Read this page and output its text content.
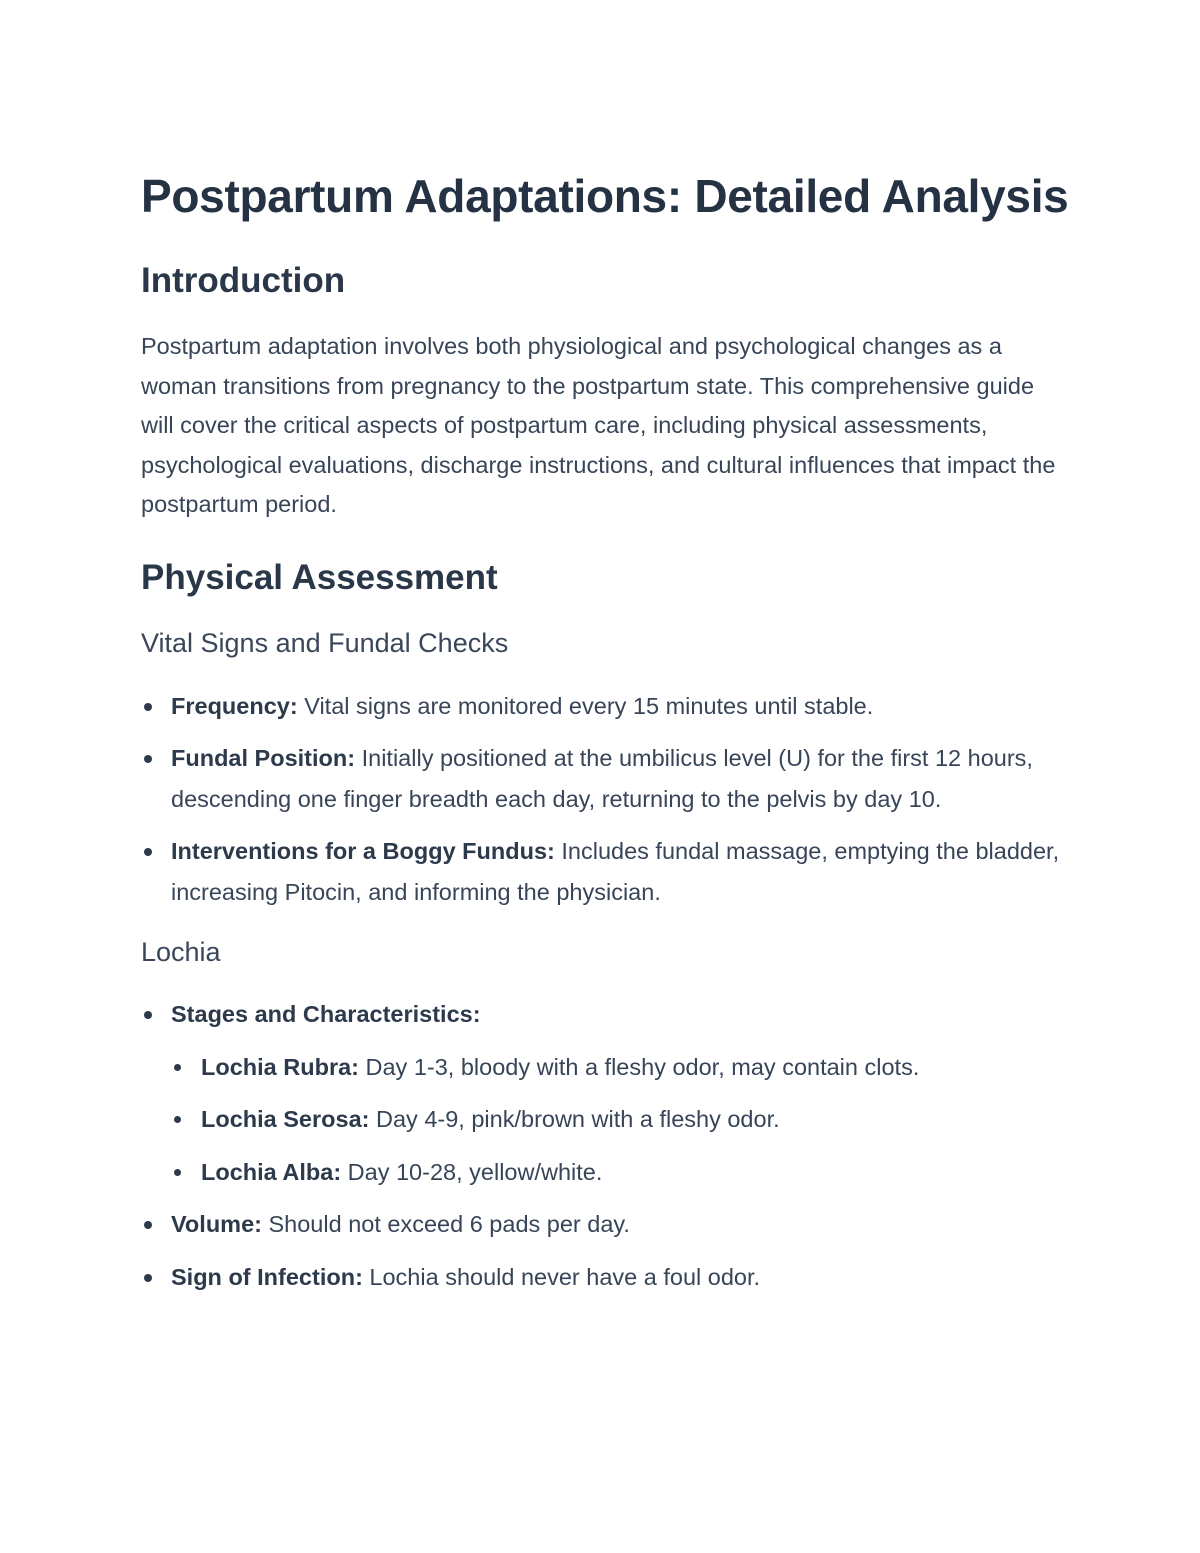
Postpartum Adaptations: Detailed Analysis
Introduction

Postpartum adaptation involves both physiological and psychological changes as a woman transitions from pregnancy to the postpartum state. This comprehensive guide will cover the critical aspects of postpartum care, including physical assessments, psychological evaluations, discharge instructions, and cultural influences that impact the postpartum period.

Physical Assessment
Vital Signs and Fundal Checks
Frequency: Vital signs are monitored every 15 minutes until stable.
Fundal Position: Initially positioned at the umbilicus level (U) for the first 12 hours, descending one finger breadth each day, returning to the pelvis by day 10.
Interventions for a Boggy Fundus: Includes fundal massage, emptying the bladder, increasing Pitocin, and informing the physician.
Lochia
Stages and Characteristics:
Lochia Rubra: Day 1-3, bloody with a fleshy odor, may contain clots.
Lochia Serosa: Day 4-9, pink/brown with a fleshy odor.
Lochia Alba: Day 10-28, yellow/white.
Volume: Should not exceed 6 pads per day.
Sign of Infection: Lochia should never have a foul odor.
